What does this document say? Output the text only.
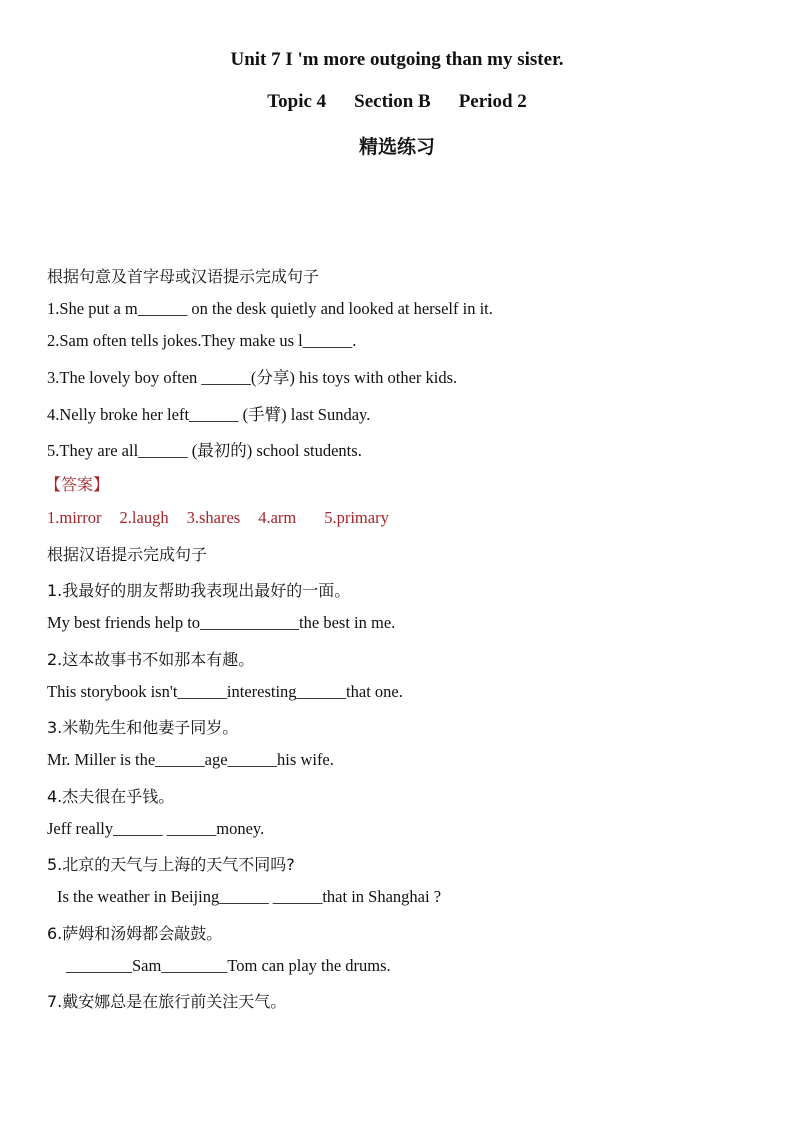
Unit 7 I 'm more outgoing than my sister.
Topic 4 Section B Period 2
精选练习
根据句意及首字母或汉语提示完成句子
1.She put a m______ on the desk quietly and looked at herself in it.
2.Sam often tells jokes.They make us l______.
3.The lovely boy often ______(分享) his toys with other kids.
4.Nelly broke her left______ (手臂) last Sunday.
5.They are all______ (最初的) school students.
【答案】
1.mirror 2.laugh 3.shares 4.arm 5.primary
根据汉语提示完成句子
1.我最好的朋友帮助我表现出最好的一面。
My best friends help to____________the best in me.
2.这本故事书不如那本有趣。
This storybook isn't______interesting______that one.
3.米勒先生和他妻子同岁。
Mr. Miller is the______age______his wife.
4.杰夫很在乎钱。
Jeff really______ ______money.
5.北京的天气与上海的天气不同吗?
Is the weather in Beijing______ ______that in Shanghai ?
6.萨姆和汤姆都会敲鼓。
________Sam________Tom can play the drums.
7.戴安娜总是在旅行前关注天气。
